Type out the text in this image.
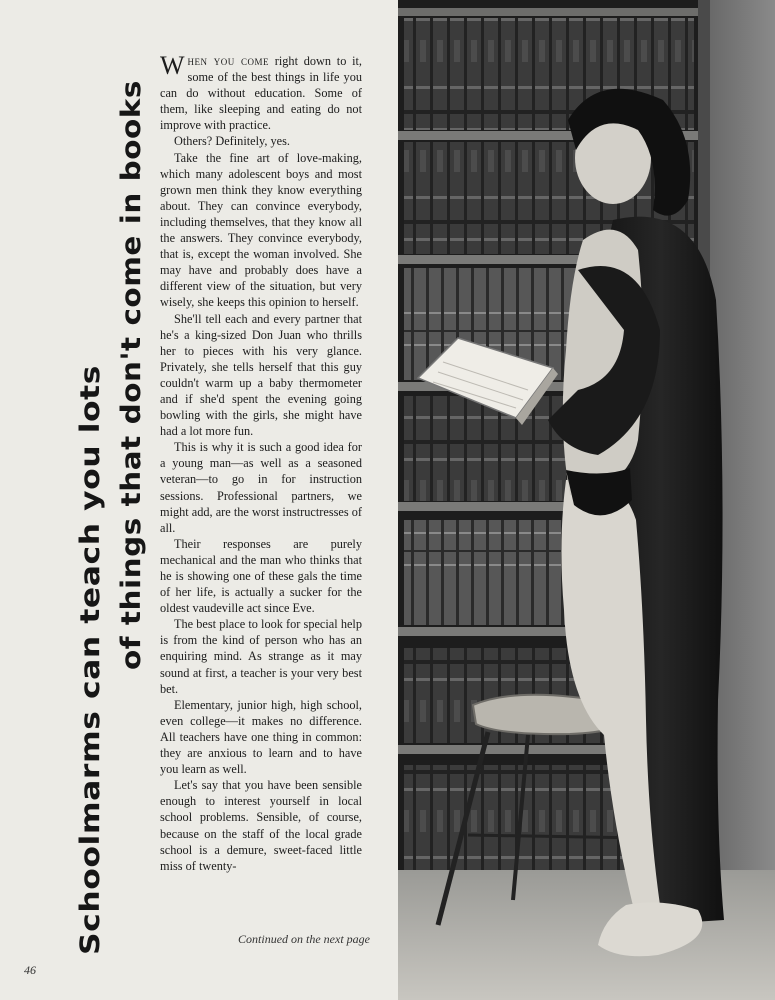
Schoolmarms can teach you lots
of things that don't come in books

When you come right down to it, some of the best things in life you can do without education. Some of them, like sleeping and eating do not improve with practice.

Others? Definitely, yes.

Take the fine art of love-making, which many adolescent boys and most grown men think they know everything about. They can convince everybody, including themselves, that they know all the answers. They convince everybody, that is, except the woman involved. She may have and probably does have a different view of the situation, but very wisely, she keeps this opinion to herself.

She'll tell each and every partner that he's a king-sized Don Juan who thrills her to pieces with his very glance. Privately, she tells herself that this guy couldn't warm up a baby thermometer and if she'd spent the evening going bowling with the girls, she might have had a lot more fun.

This is why it is such a good idea for a young man—as well as a seasoned veteran—to go in for instruction sessions. Professional partners, we might add, are the worst instructresses of all.

Their responses are purely mechanical and the man who thinks that he is showing one of these gals the time of her life, is actually a sucker for the oldest vaudeville act since Eve.

The best place to look for special help is from the kind of person who has an enquiring mind. As strange as it may sound at first, a teacher is your very best bet.

Elementary, junior high, high school, even college—it makes no difference. All teachers have one thing in common: they are anxious to learn and to have you learn as well.

Let's say that you have been sensible enough to interest yourself in local school problems. Sensible, of course, because on the staff of the local grade school is a demure, sweet-faced little miss of twenty-

Continued on the next page
46
